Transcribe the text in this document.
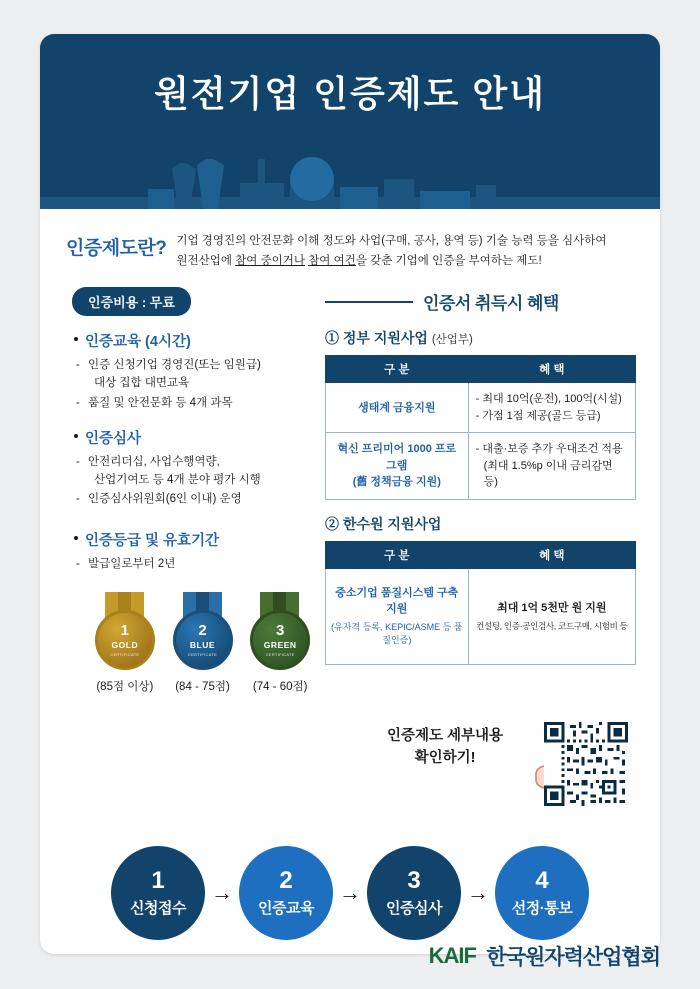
원전기업 인증제도 안내
인증제도란? 기업 경영진의 안전문화 이해 정도와 사업(구매, 공사, 용역 등) 기술 능력 등을 심사하여
원전산업에 참여 중이거나 참여 여건을 갖춘 기업에 인증을 부여하는 제도!
인증비용 : 무료
인증교육 (4시간)
- 인증 신청기업 경영진(또는 임원급)
대상 집합 대면교육
- 품질 및 안전문화 등 4개 과목
인증심사
- 안전리더십, 사업수행역량,
산업기여도 등 4개 분야 평가 시행
- 인증심사위원회(6인 이내) 운영
인증등급 및 유효기간
- 발급일로부터 2년
1
GOLD
CERTIFICATE
(85점 이상)
2
BLUE
CERTIFICATE
(84 - 75점)
3
GREEN
CERTIFICATE
(74 - 60점)
인증서 취득시 혜택
① 정부 지원사업 (산업부)
구 분	혜 택
생태계 금융지원	- 최대 10억(운전), 100억(시설)
- 가점 1점 제공(골드 등급)

혁신 프리미어 1000 프로그램
(舊 정책금융 지원)	- 대출·보증 추가 우대조건 적용
(최대 1.5%p 이내 금리감면 등)
② 한수원 지원사업
구 분	혜 택
중소기업 품질시스템 구축지원
(유자격 등록, KEPIC/ASME 등 품질인증)	최대 1억 5천만 원 지원
컨설팅, 인증·공인검사, 코드구매, 시험비 등
인증제도 세부내용
확인하기!
1
신청접수
→ 2
인증교육
→ 3
인증심사
→ 4
선정·통보
KAIF 한국원자력산업협회
